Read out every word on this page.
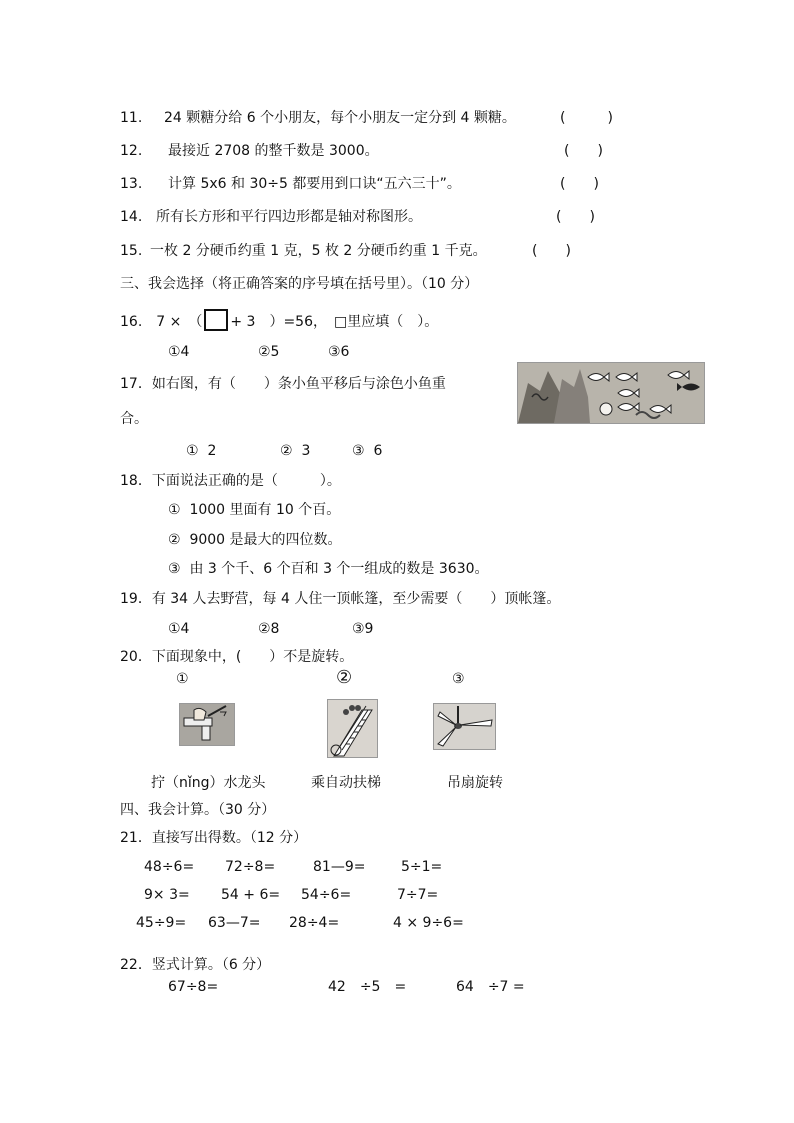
11. 24 颗糖分给 6 个小朋友，每个小朋友一定分到 4 颗糖。	(　　　)
12. 最接近 2708 的整千数是 3000。	(　　)
13. 计算 5x6 和 30÷5 都要用到口诀“五六三十”。	(　　)
14. 所有长方形和平行四边形都是轴对称图形。	(　　)
15. 一枚 2 分硬币约重 1 克，5 枚 2 分硬币约重 1 千克。	(　　)
三、我会选择（将正确答案的序号填在括号里）。（10 分）
16.　7 ×　（ + 3　）=56，　□里应填（　）。
①4	②5	③6
17．如右图，有（　　）条小鱼平移后与涂色小鱼重
合。
①  2	②  3	③  6
18．下面说法正确的是（　　　）。
①  1000 里面有 10 个百。
②  9000 是最大的四位数。
③  由 3 个千、6 个百和 3 个一组成的数是 3630。
19．有 34 人去野营，每 4 人住一顶帐篷，至少需要（　　）顶帐篷。
①4	②8	③9
20．下面现象中，(　　）不是旋转。
①	②	③
拧（nǐng）水龙头	乘自动扶梯	吊扇旋转
四、我会计算。（30 分）
21．直接写出得数。（12 分）
48÷6= 72÷8=	81—9=	5÷1=
9× 3= 54 + 6= 54÷6=	7÷7=
45÷9= 63—7= 28÷4=	4 × 9÷6=
22．竖式计算。（6 分）
67÷8=	42　÷5　=	64　÷7 =
